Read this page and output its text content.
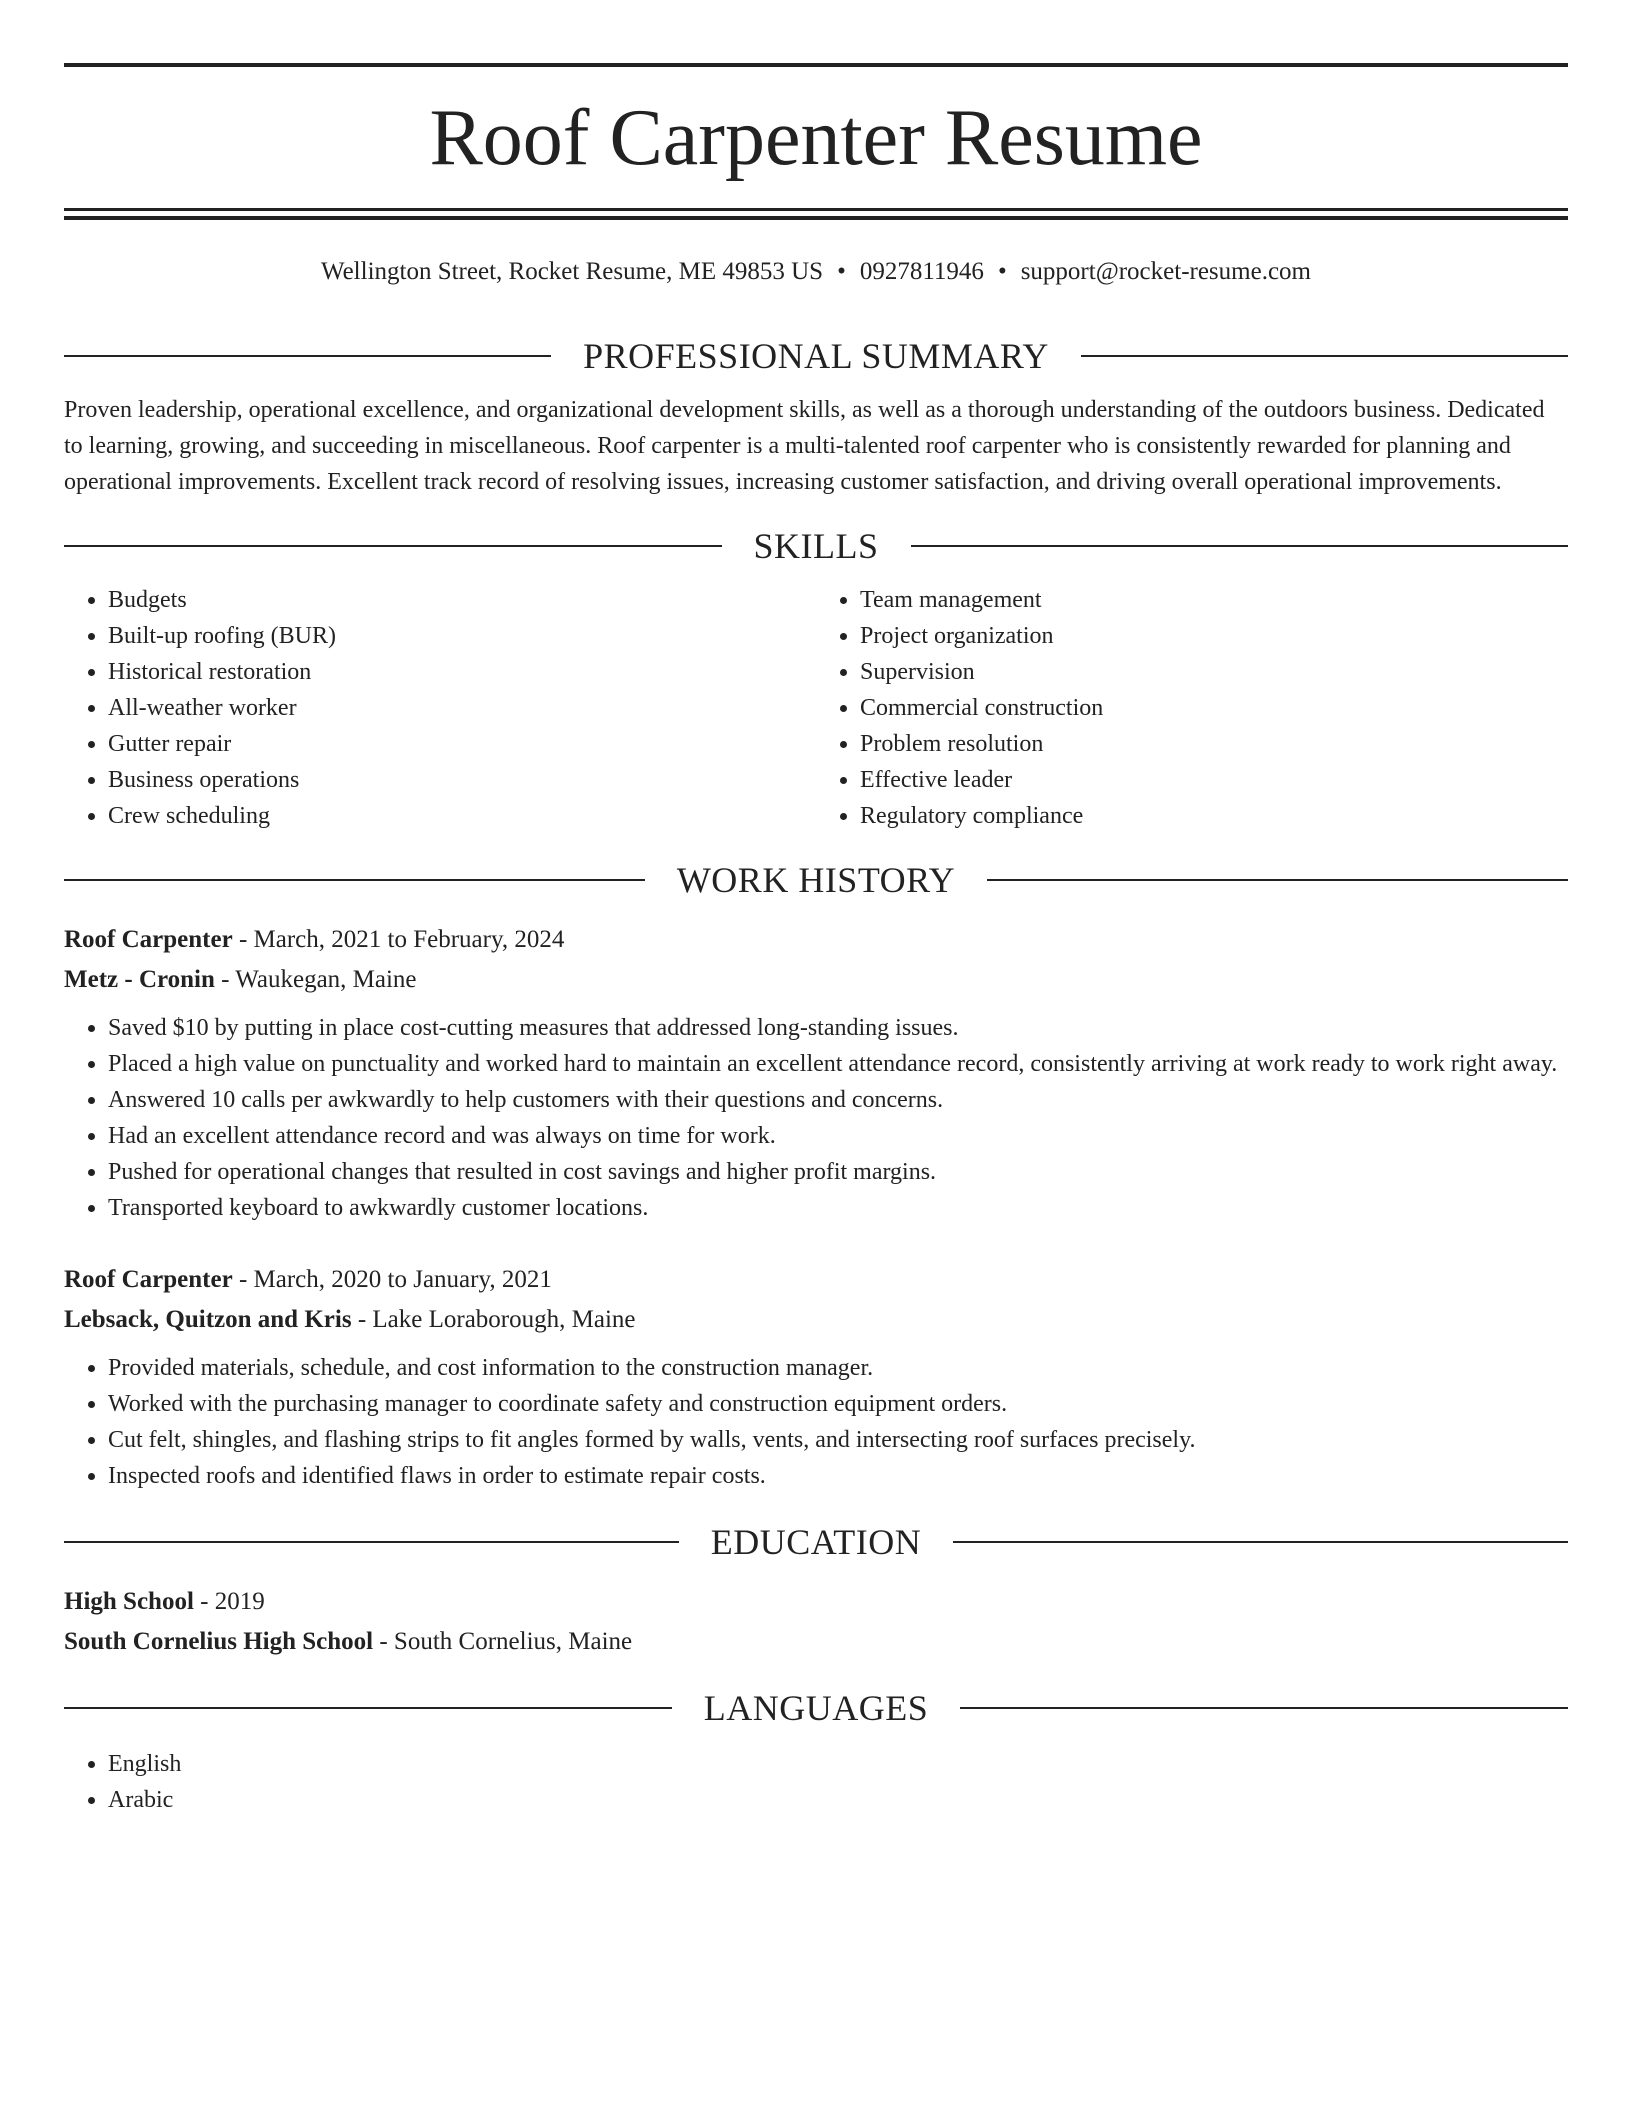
Roof Carpenter Resume
Wellington Street, Rocket Resume, ME 49853 US • 0927811946 • support@rocket-resume.com
PROFESSIONAL SUMMARY

Proven leadership, operational excellence, and organizational development skills, as well as a thorough understanding of the outdoors business. Dedicated to learning, growing, and succeeding in miscellaneous. Roof carpenter is a multi-talented roof carpenter who is consistently rewarded for planning and operational improvements. Excellent track record of resolving issues, increasing customer satisfaction, and driving overall operational improvements.

SKILLS
• Budgets
• Built-up roofing (BUR)
• Historical restoration
• All-weather worker
• Gutter repair
• Business operations
• Crew scheduling
• Team management
• Project organization
• Supervision
• Commercial construction
• Problem resolution
• Effective leader
• Regulatory compliance
WORK HISTORY
Roof Carpenter - March, 2021 to February, 2024
Metz - Cronin - Waukegan, Maine
• Saved $10 by putting in place cost-cutting measures that addressed long-standing issues.
• Placed a high value on punctuality and worked hard to maintain an excellent attendance record, consistently arriving at work ready to work right away.
• Answered 10 calls per awkwardly to help customers with their questions and concerns.
• Had an excellent attendance record and was always on time for work.
• Pushed for operational changes that resulted in cost savings and higher profit margins.
• Transported keyboard to awkwardly customer locations.
Roof Carpenter - March, 2020 to January, 2021
Lebsack, Quitzon and Kris - Lake Loraborough, Maine
• Provided materials, schedule, and cost information to the construction manager.
• Worked with the purchasing manager to coordinate safety and construction equipment orders.
• Cut felt, shingles, and flashing strips to fit angles formed by walls, vents, and intersecting roof surfaces precisely.
• Inspected roofs and identified flaws in order to estimate repair costs.
EDUCATION
High School - 2019
South Cornelius High School - South Cornelius, Maine
LANGUAGES
• English
• Arabic
